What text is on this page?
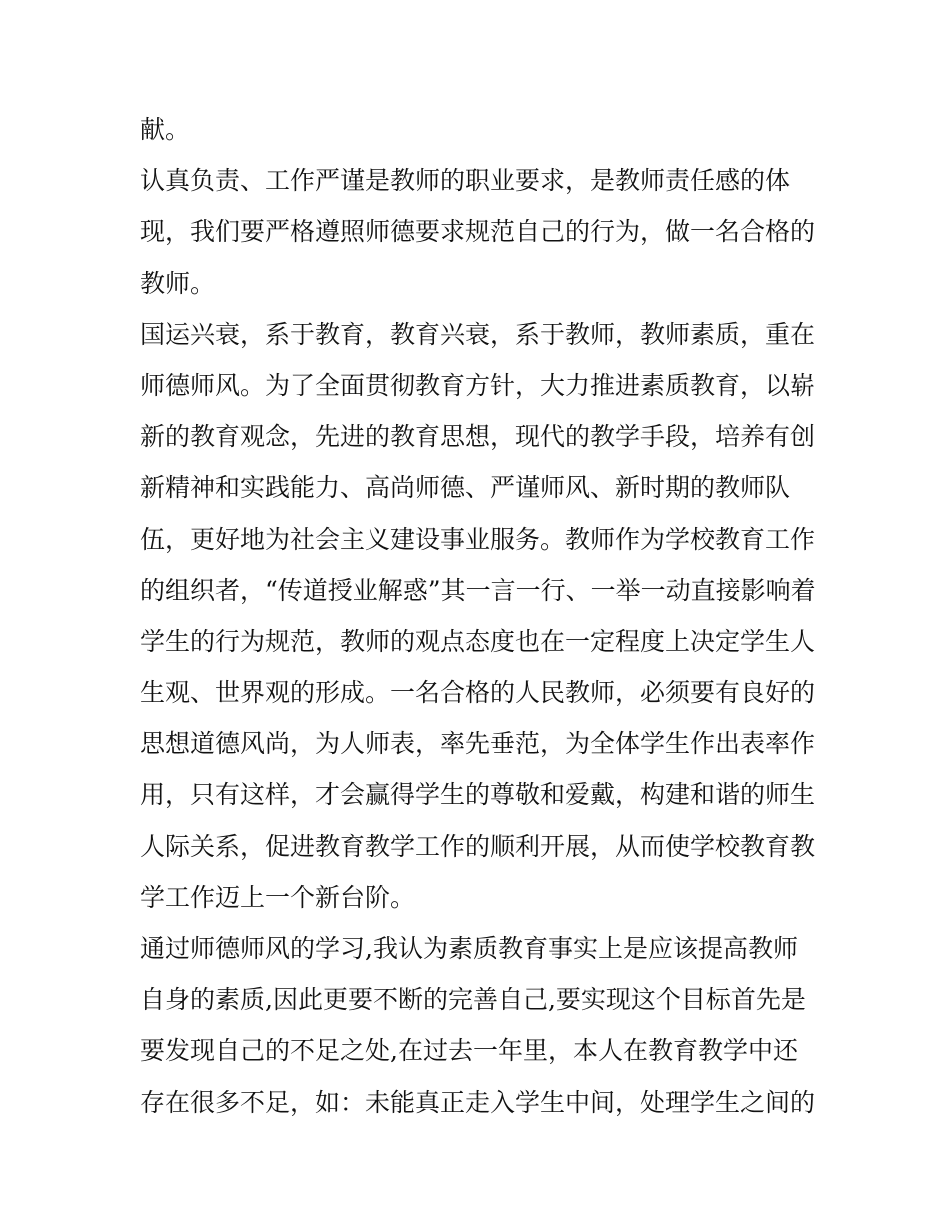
献。
认真负责、工作严谨是教师的职业要求，是教师责任感的体
现，我们要严格遵照师德要求规范自己的行为，做一名合格的
教师。
国运兴衰，系于教育，教育兴衰，系于教师，教师素质，重在
师德师风。为了全面贯彻教育方针，大力推进素质教育，以崭
新的教育观念，先进的教育思想，现代的教学手段，培养有创
新精神和实践能力、高尚师德、严谨师风、新时期的教师队
伍，更好地为社会主义建设事业服务。教师作为学校教育工作
的组织者，“传道授业解惑”其一言一行、一举一动直接影响着
学生的行为规范，教师的观点态度也在一定程度上决定学生人
生观、世界观的形成。一名合格的人民教师，必须要有良好的
思想道德风尚，为人师表，率先垂范，为全体学生作出表率作
用，只有这样，才会赢得学生的尊敬和爱戴，构建和谐的师生
人际关系，促进教育教学工作的顺利开展，从而使学校教育教
学工作迈上一个新台阶。
通过师德师风的学习,我认为素质教育事实上是应该提高教师
自身的素质,因此更要不断的完善自己,要实现这个目标首先是
要发现自己的不足之处,在过去一年里，本人在教育教学中还
存在很多不足，如：未能真正走入学生中间，处理学生之间的
